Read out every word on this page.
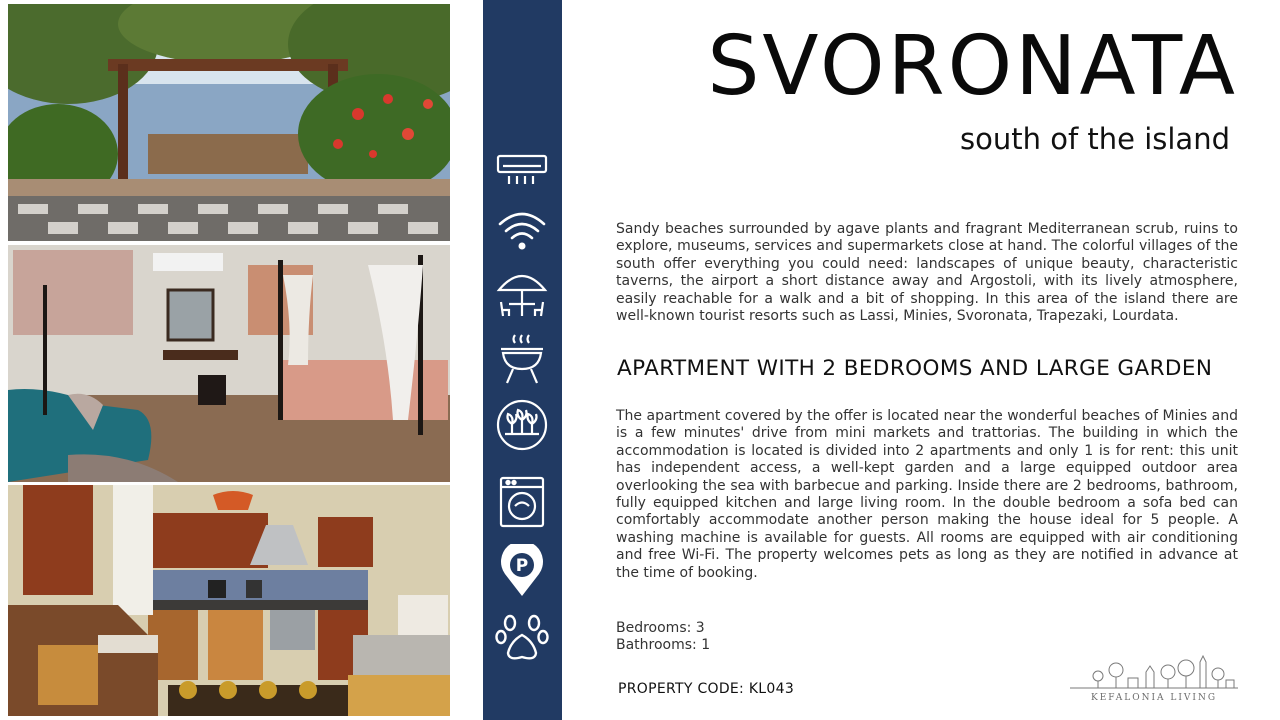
P
SVORONATA
south of the island
Sandy beaches surrounded by agave plants and fragrant Mediterranean scrub, ruins to explore, museums, services and supermarkets close at hand. The colorful villages of the south offer everything you could need: landscapes of unique beauty, characteristic taverns, the airport a short distance away and Argostoli, with its lively atmosphere, easily reachable for a walk and a bit of shopping. In this area of the island there are well-known tourist resorts such as Lassi, Minies, Svoronata, Trapezaki, Lourdata.
APARTMENT WITH 2 BEDROOMS AND LARGE GARDEN
The apartment covered by the offer is located near the wonderful beaches of Minies and is a few minutes' drive from mini markets and trattorias. The building in which the accommodation is located is divided into 2 apartments and only 1 is for rent: this unit has independent access, a well-kept garden and a large equipped outdoor area overlooking the sea with barbecue and parking. Inside there are 2 bedrooms, bathroom, fully equipped kitchen and large living room. In the double bedroom a sofa bed can comfortably accommodate another person making the house ideal for 5 people. A washing machine is available for guests. All rooms are equipped with air conditioning and free Wi-Fi. The property welcomes pets as long as they are notified in advance at the time of booking.
Bedrooms: 3
Bathrooms: 1
PROPERTY CODE: KL043
KEFALONIA LIVING
